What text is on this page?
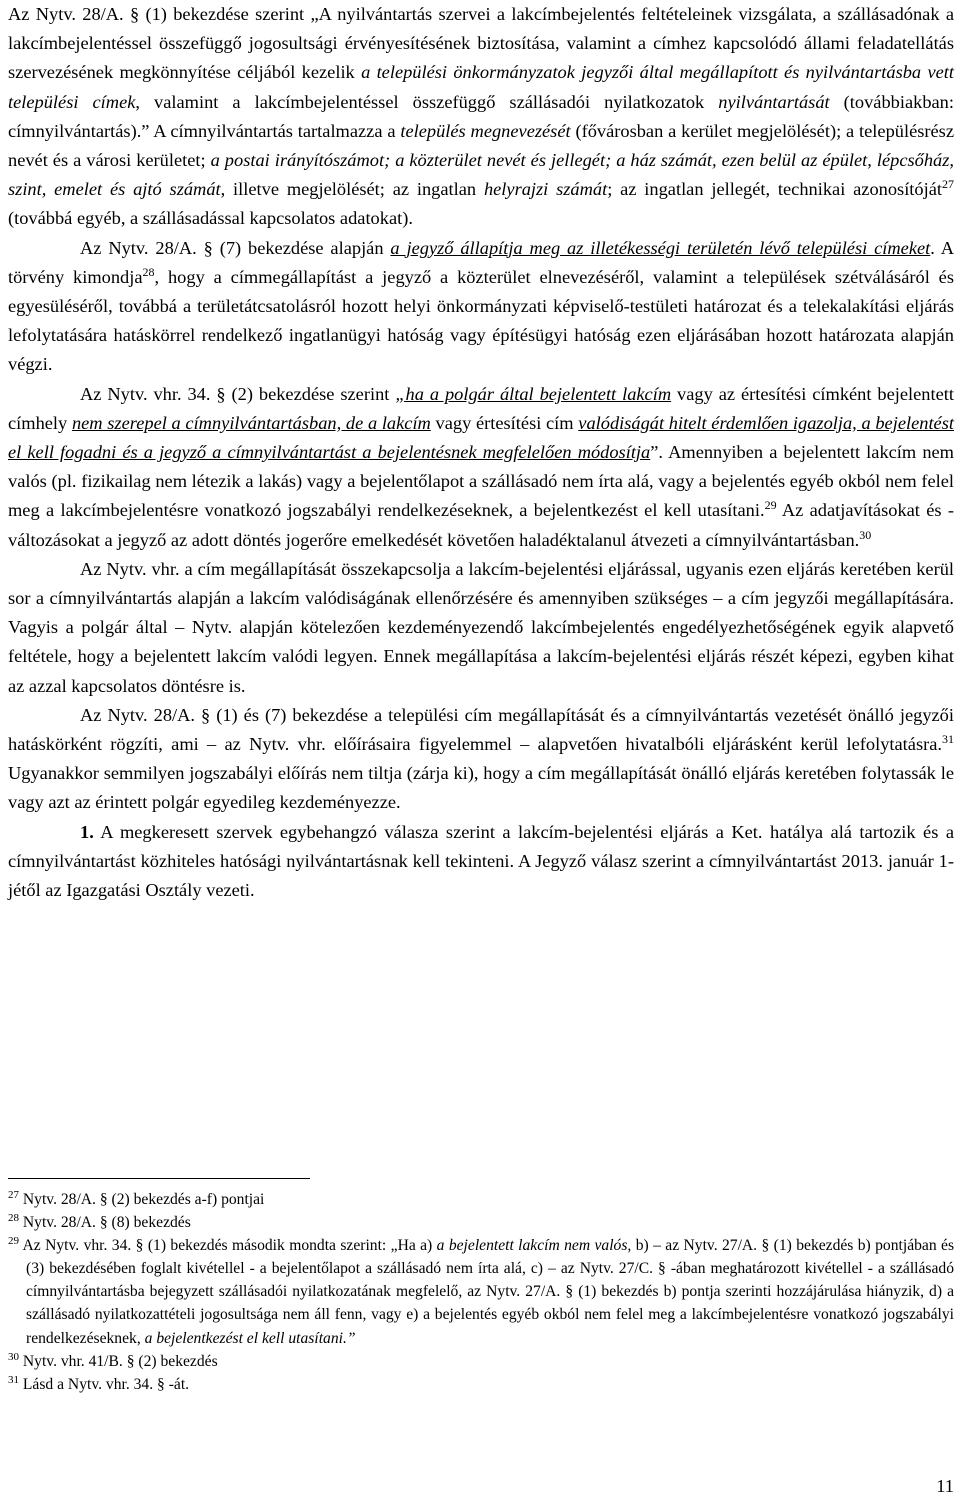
Az Nytv. 28/A. § (1) bekezdése szerint „A nyilvántartás szervei a lakcímbejelentés feltételeinek vizsgálata, a szállásadónak a lakcímbejelentéssel összefüggő jogosultsági érvényesítésének biztosítása, valamint a címhez kapcsolódó állami feladatellátás szervezésének megkönnyítése céljából kezelik a települési önkormányzatok jegyzői által megállapított és nyilvántartásba vett települési címek, valamint a lakcímbejelentéssel összefüggő szállásadói nyilatkozatok nyilvántartását (továbbiakban: címnyilvántartás).” A címnyilvántartás tartalmazza a település megnevezését (fővárosban a kerület megjelölését); a településrész nevét és a városi kerületet; a postai irányítószámot; a közterület nevét és jellegét; a ház számát, ezen belül az épület, lépcsőház, szint, emelet és ajtó számát, illetve megjelölését; az ingatlan helyrajzi számát; az ingatlan jellegét, technikai azonosítóját$^{27}$ (továbbá egyéb, a szállásadással kapcsolatos adatokat).

Az Nytv. 28/A. § (7) bekezdése alapján a jegyző állapítja meg az illetékességi területén lévő települési címeket. A törvény kimondja$^{28}$, hogy a címmegállapítást a jegyző a közterület elnevezéséről, valamint a települések szétválásáról és egyesüléséről, továbbá a területátcsatolásról hozott helyi önkormányzati képviselő-testületi határozat és a telekalakítási eljárás lefolytatására hatáskörrel rendelkező ingatlanügyi hatóság vagy építésügyi hatóság ezen eljárásában hozott határozata alapján végzi.

Az Nytv. vhr. 34. § (2) bekezdése szerint „ha a polgár által bejelentett lakcím vagy az értesítési címként bejelentett címhely nem szerepel a címnyilvántartásban, de a lakcím vagy értesítési cím valódiságát hitelt érdemlően igazolja, a bejelentést el kell fogadni és a jegyző a címnyilvántartást a bejelentésnek megfelelően módosítja”. Amennyiben a bejelentett lakcím nem valós (pl. fizikailag nem létezik a lakás) vagy a bejelentőlapot a szállásadó nem írta alá, vagy a bejelentés egyéb okból nem felel meg a lakcímbejelentésre vonatkozó jogszabályi rendelkezéseknek, a bejelentkezést el kell utasítani.$^{29}$ Az adatjavításokat és -változásokat a jegyző az adott döntés jogerőre emelkedését követően haladéktalanul átvezeti a címnyilvántartásban.$^{30}$

Az Nytv. vhr. a cím megállapítását összekapcsolja a lakcím-bejelentési eljárással, ugyanis ezen eljárás keretében kerül sor a címnyilvántartás alapján a lakcím valódiságának ellenőrzésére és amennyiben szükséges – a cím jegyzői megállapítására. Vagyis a polgár által – Nytv. alapján kötelezően kezdeményezendő lakcímbejelentés engedélyezhetőségének egyik alapvető feltétele, hogy a bejelentett lakcím valódi legyen. Ennek megállapítása a lakcím-bejelentési eljárás részét képezi, egyben kihat az azzal kapcsolatos döntésre is.

Az Nytv. 28/A. § (1) és (7) bekezdése a települési cím megállapítását és a címnyilvántartás vezetését önálló jegyzői hatáskörként rögzíti, ami – az Nytv. vhr. előírásaira figyelemmel – alapvetően hivatalbóli eljárásként kerül lefolytatásra.$^{31}$ Ugyanakkor semmilyen jogszabályi előírás nem tiltja (zárja ki), hogy a cím megállapítását önálló eljárás keretében folytassák le vagy azt az érintett polgár egyedileg kezdeményezze.

1. A megkeresett szervek egybehangzó válasza szerint a lakcím-bejelentési eljárás a Ket. hatálya alá tartozik és a címnyilvántartást közhiteles hatósági nyilvántartásnak kell tekinteni. A Jegyző válasz szerint a címnyilvántartást 2013. január 1-jétől az Igazgatási Osztály vezeti.

$^{27}$ Nytv. 28/A. § (2) bekezdés a-f) pontjai

$^{28}$ Nytv. 28/A. § (8) bekezdés

$^{29}$ Az Nytv. vhr. 34. § (1) bekezdés második mondta szerint: „Ha a) a bejelentett lakcím nem valós, b) – az Nytv. 27/A. § (1) bekezdés b) pontjában és (3) bekezdésében foglalt kivétellel - a bejelentőlapot a szállásadó nem írta alá, c) – az Nytv. 27/C. § -ában meghatározott kivétellel - a szállásadó címnyilvántartásba bejegyzett szállásadói nyilatkozatának megfelelő, az Nytv. 27/A. § (1) bekezdés b) pontja szerinti hozzájárulása hiányzik, d) a szállásadó nyilatkozattételi jogosultsága nem áll fenn, vagy e) a bejelentés egyéb okból nem felel meg a lakcímbejelentésre vonatkozó jogszabályi rendelkezéseknek, a bejelentkezést el kell utasítani.”

$^{30}$ Nytv. vhr. 41/B. § (2) bekezdés

$^{31}$ Lásd a Nytv. vhr. 34. § -át.

11
